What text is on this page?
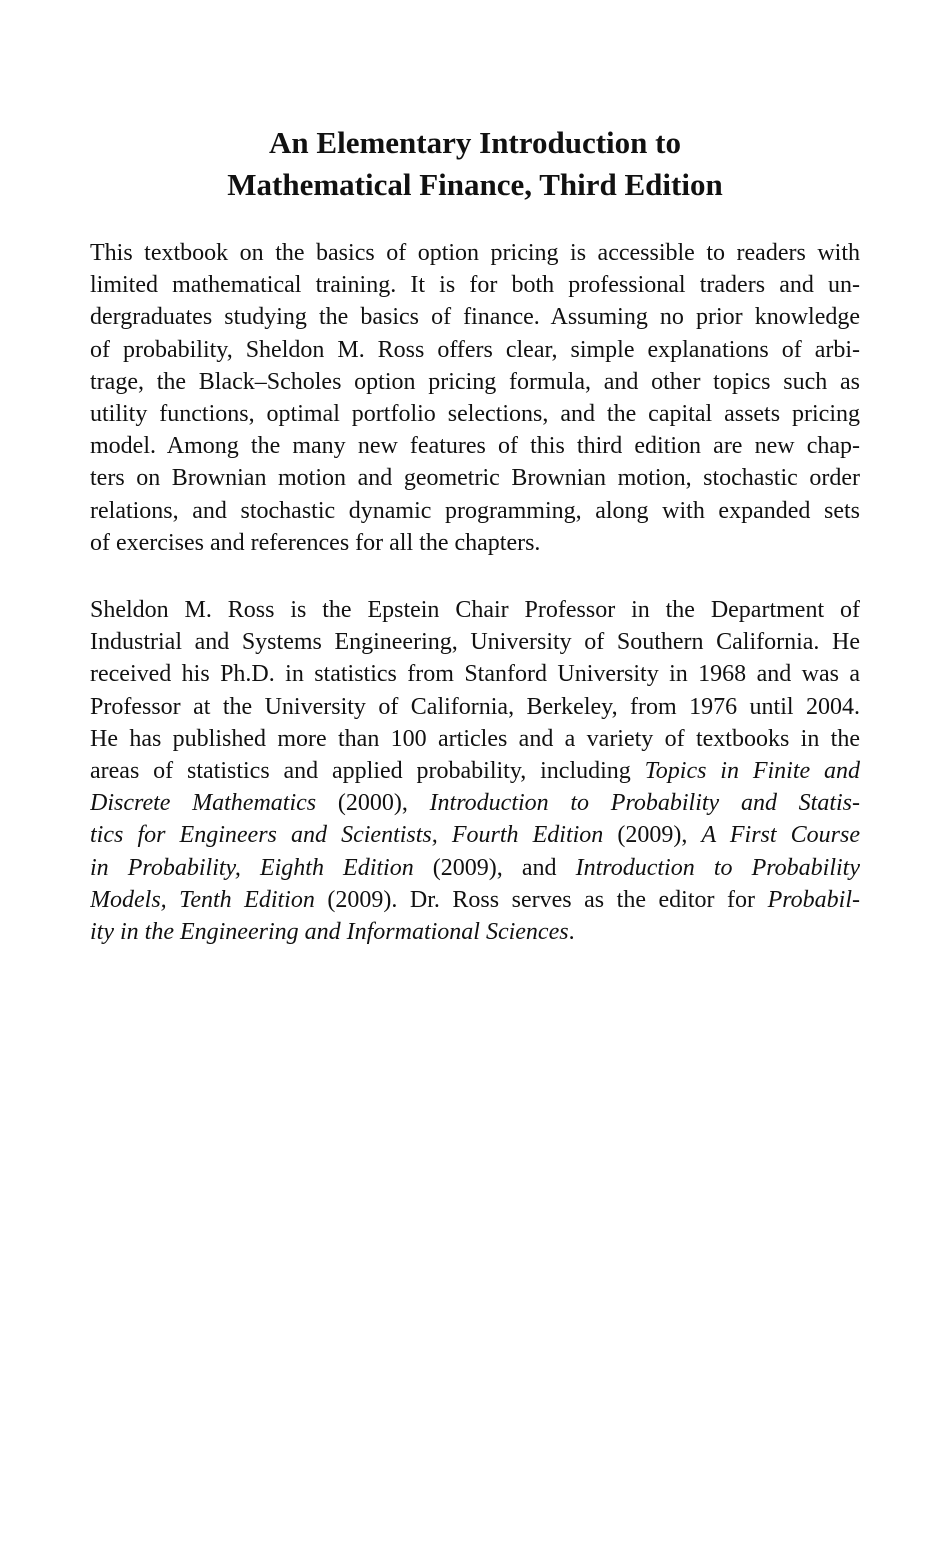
An Elementary Introduction to
Mathematical Finance, Third Edition
This textbook on the basics of option pricing is accessible to readers with
limited mathematical training. It is for both professional traders and un-
dergraduates studying the basics of finance. Assuming no prior knowledge
of probability, Sheldon M. Ross offers clear, simple explanations of arbi-
trage, the Black–Scholes option pricing formula, and other topics such as
utility functions, optimal portfolio selections, and the capital assets pricing
model. Among the many new features of this third edition are new chap-
ters on Brownian motion and geometric Brownian motion, stochastic order
relations, and stochastic dynamic programming, along with expanded sets
of exercises and references for all the chapters.
Sheldon M. Ross is the Epstein Chair Professor in the Department of
Industrial and Systems Engineering, University of Southern California. He
received his Ph.D. in statistics from Stanford University in 1968 and was a
Professor at the University of California, Berkeley, from 1976 until 2004.
He has published more than 100 articles and a variety of textbooks in the
areas of statistics and applied probability, including Topics in Finite and
Discrete Mathematics (2000), Introduction to Probability and Statis-
tics for Engineers and Scientists, Fourth Edition (2009), A First Course
in Probability, Eighth Edition (2009), and Introduction to Probability
Models, Tenth Edition (2009). Dr. Ross serves as the editor for Probabil-
ity in the Engineering and Informational Sciences.
